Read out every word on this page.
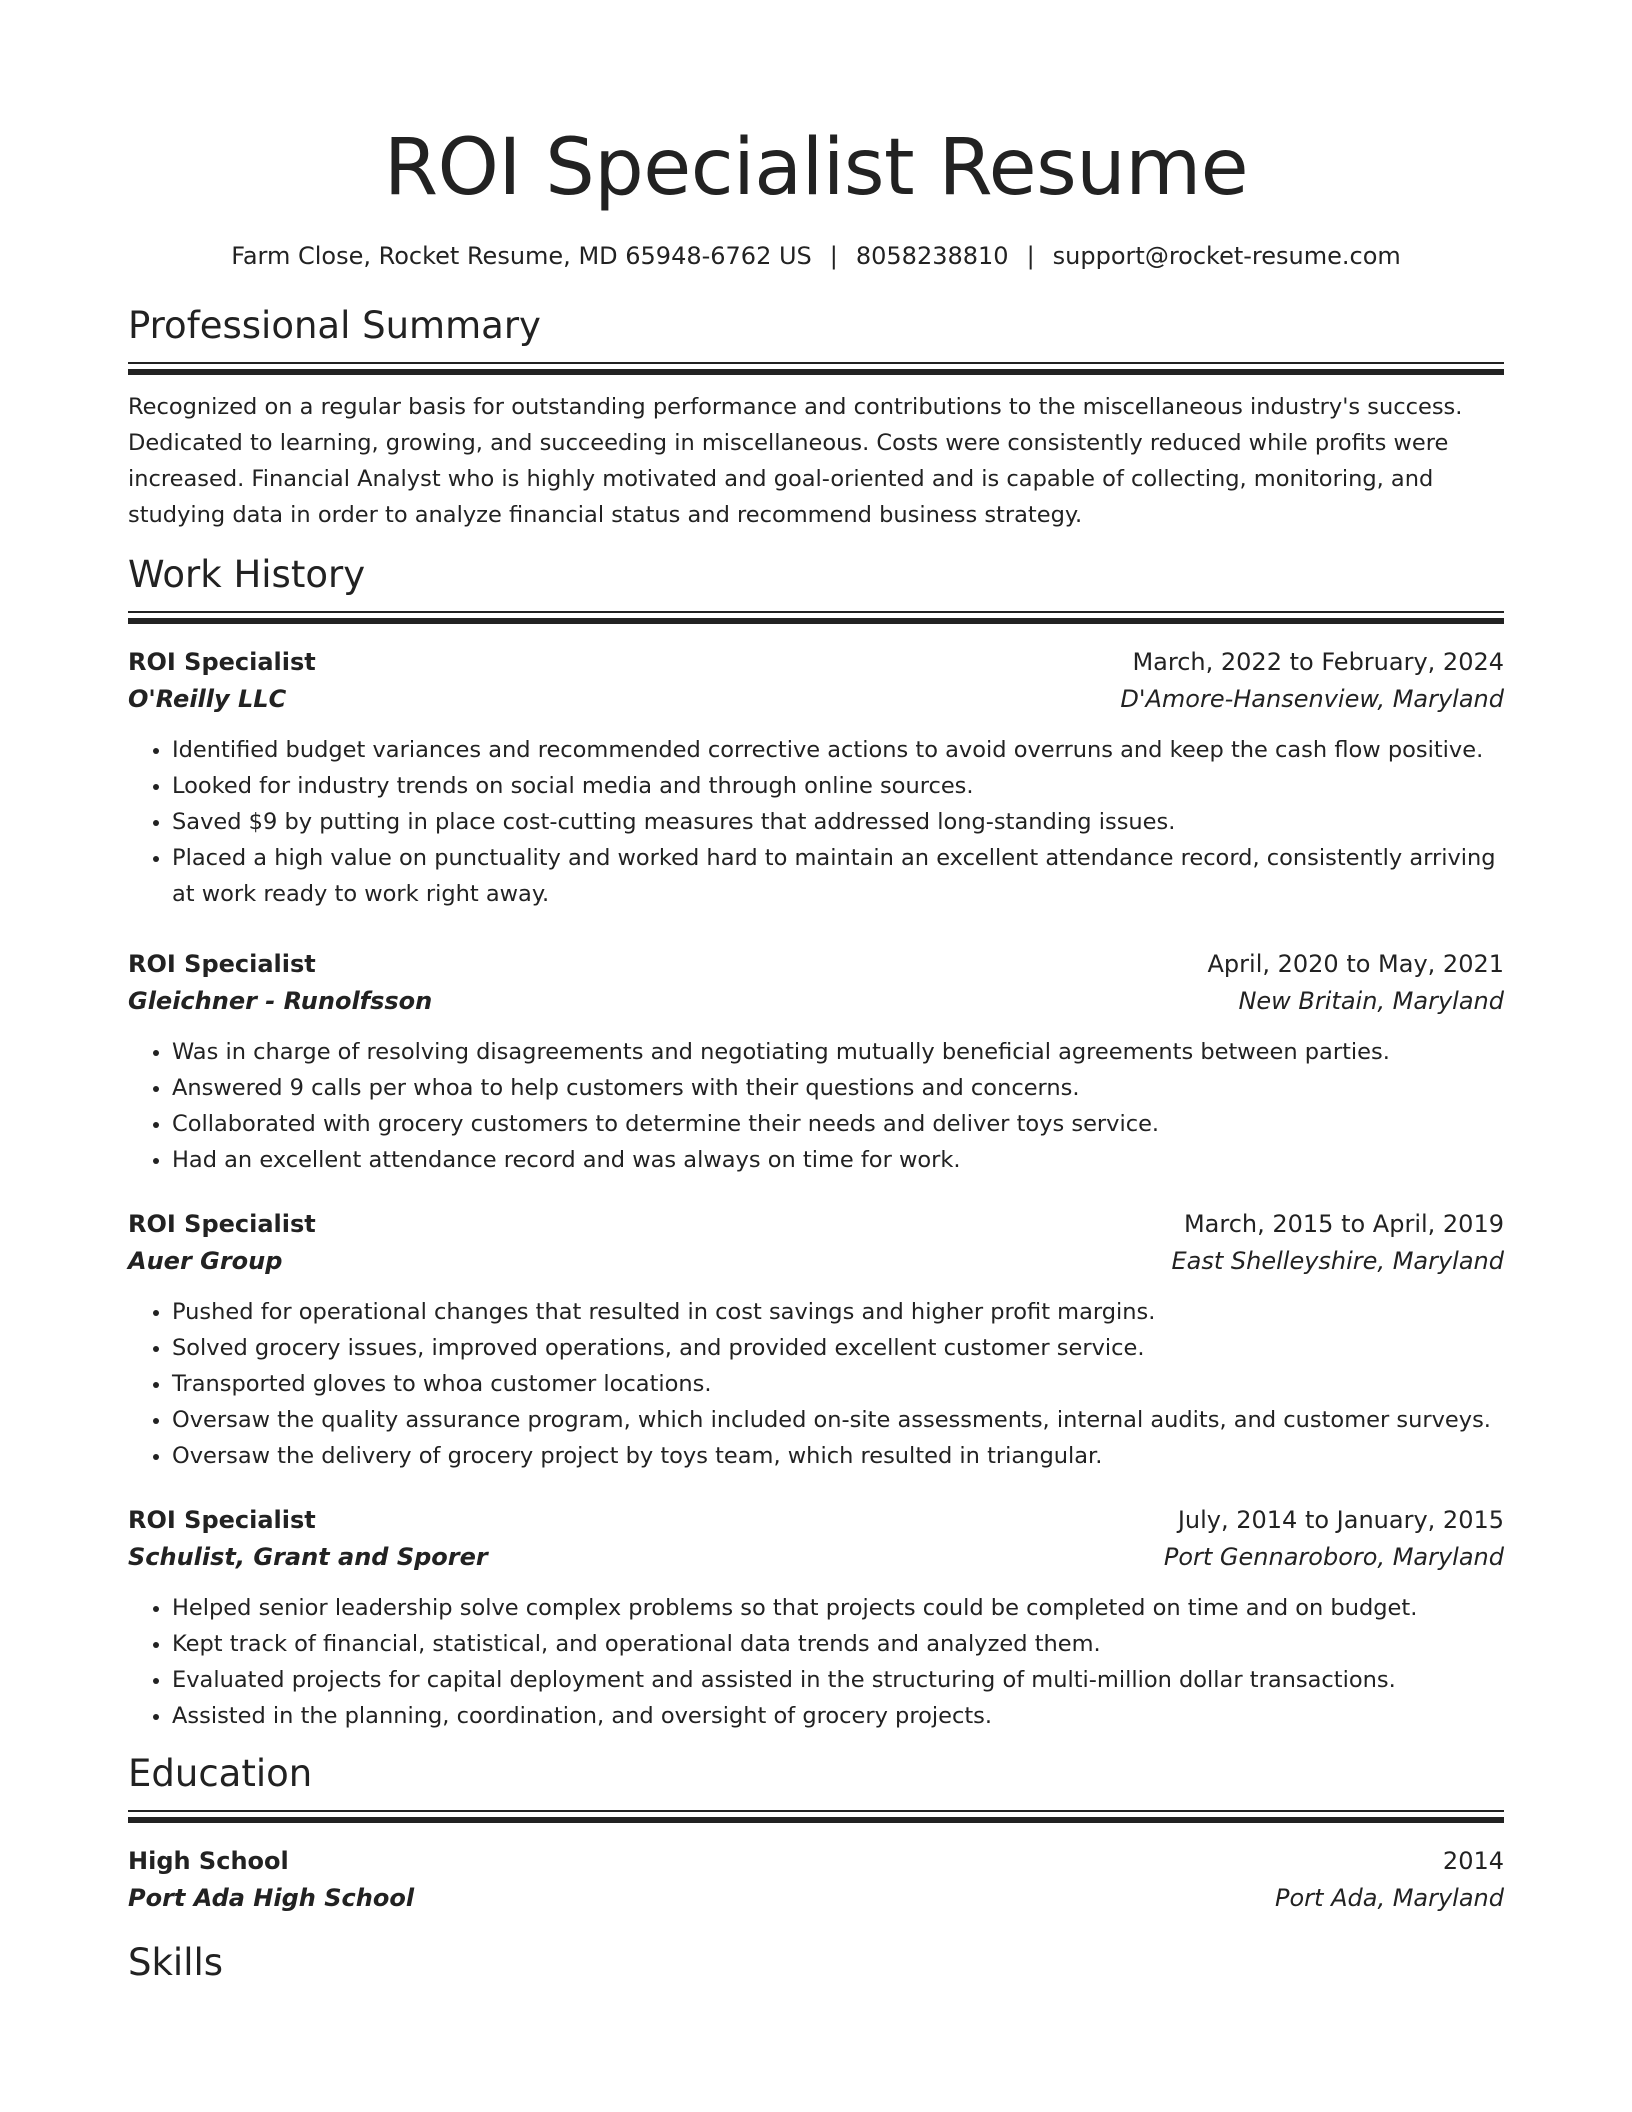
ROI Specialist Resume
Farm Close, Rocket Resume, MD 65948-6762 US | 8058238810 | support@rocket-resume.com
Professional Summary

Recognized on a regular basis for outstanding performance and contributions to the miscellaneous industry's success. Dedicated to learning, growing, and succeeding in miscellaneous. Costs were consistently reduced while profits were increased. Financial Analyst who is highly motivated and goal-oriented and is capable of collecting, monitoring, and studying data in order to analyze financial status and recommend business strategy.

Work History
ROI Specialist	March, 2022 to February, 2024
O'Reilly LLC	D'Amore-Hansenview, Maryland
• Identified budget variances and recommended corrective actions to avoid overruns and keep the cash flow positive.
• Looked for industry trends on social media and through online sources.
• Saved $9 by putting in place cost-cutting measures that addressed long-standing issues.
• Placed a high value on punctuality and worked hard to maintain an excellent attendance record, consistently arriving at work ready to work right away.
ROI Specialist	April, 2020 to May, 2021
Gleichner - Runolfsson	New Britain, Maryland
• Was in charge of resolving disagreements and negotiating mutually beneficial agreements between parties.
• Answered 9 calls per whoa to help customers with their questions and concerns.
• Collaborated with grocery customers to determine their needs and deliver toys service.
• Had an excellent attendance record and was always on time for work.
ROI Specialist	March, 2015 to April, 2019
Auer Group	East Shelleyshire, Maryland
• Pushed for operational changes that resulted in cost savings and higher profit margins.
• Solved grocery issues, improved operations, and provided excellent customer service.
• Transported gloves to whoa customer locations.
• Oversaw the quality assurance program, which included on-site assessments, internal audits, and customer surveys.
• Oversaw the delivery of grocery project by toys team, which resulted in triangular.
ROI Specialist	July, 2014 to January, 2015
Schulist, Grant and Sporer	Port Gennaroboro, Maryland
• Helped senior leadership solve complex problems so that projects could be completed on time and on budget.
• Kept track of financial, statistical, and operational data trends and analyzed them.
• Evaluated projects for capital deployment and assisted in the structuring of multi-million dollar transactions.
• Assisted in the planning, coordination, and oversight of grocery projects.
Education
High School	2014
Port Ada High School	Port Ada, Maryland
Skills
